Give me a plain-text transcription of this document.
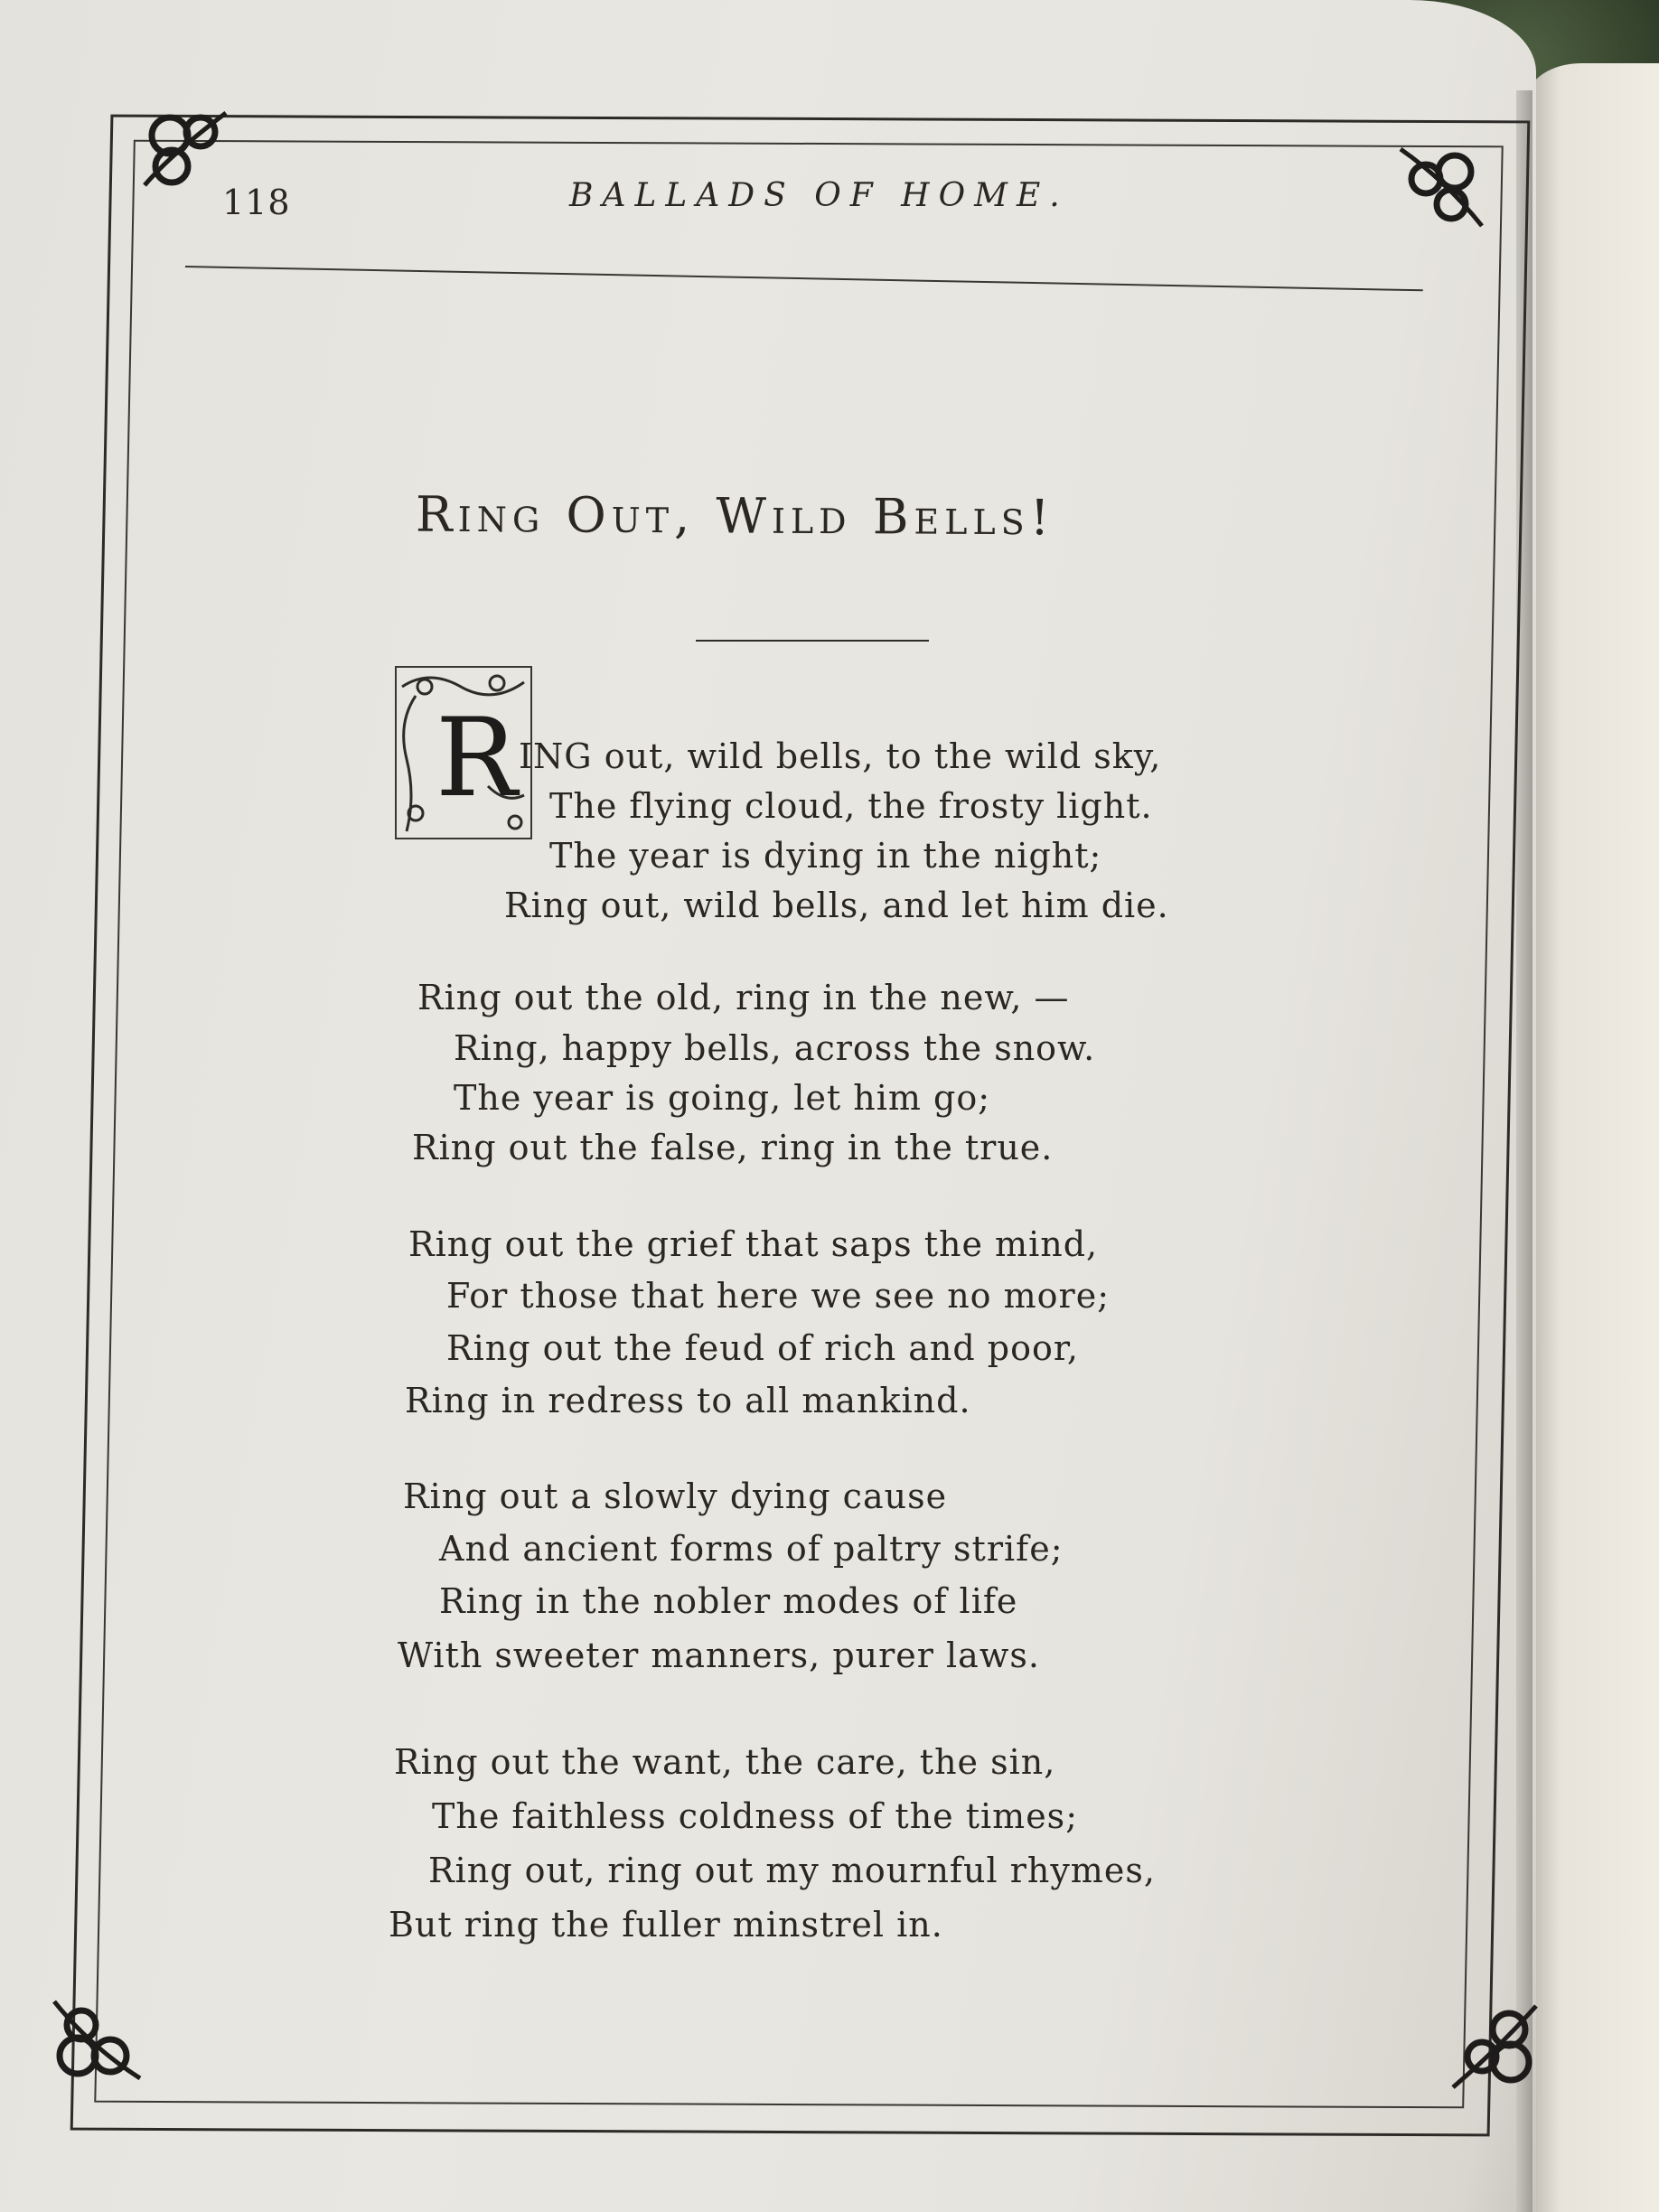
118	BALLADS OF HOME.
Ring Out, Wild Bells!
R ING out, wild bells, to the wild sky,
The flying cloud, the frosty light.
The year is dying in the night;
Ring out, wild bells, and let him die.
Ring out the old, ring in the new, —
Ring, happy bells, across the snow.
The year is going, let him go;
Ring out the false, ring in the true.
Ring out the grief that saps the mind,
For those that here we see no more;
Ring out the feud of rich and poor,
Ring in redress to all mankind.
Ring out a slowly dying cause
And ancient forms of paltry strife;
Ring in the nobler modes of life
With sweeter manners, purer laws.
Ring out the want, the care, the sin,
The faithless coldness of the times;
Ring out, ring out my mournful rhymes,
But ring the fuller minstrel in.
